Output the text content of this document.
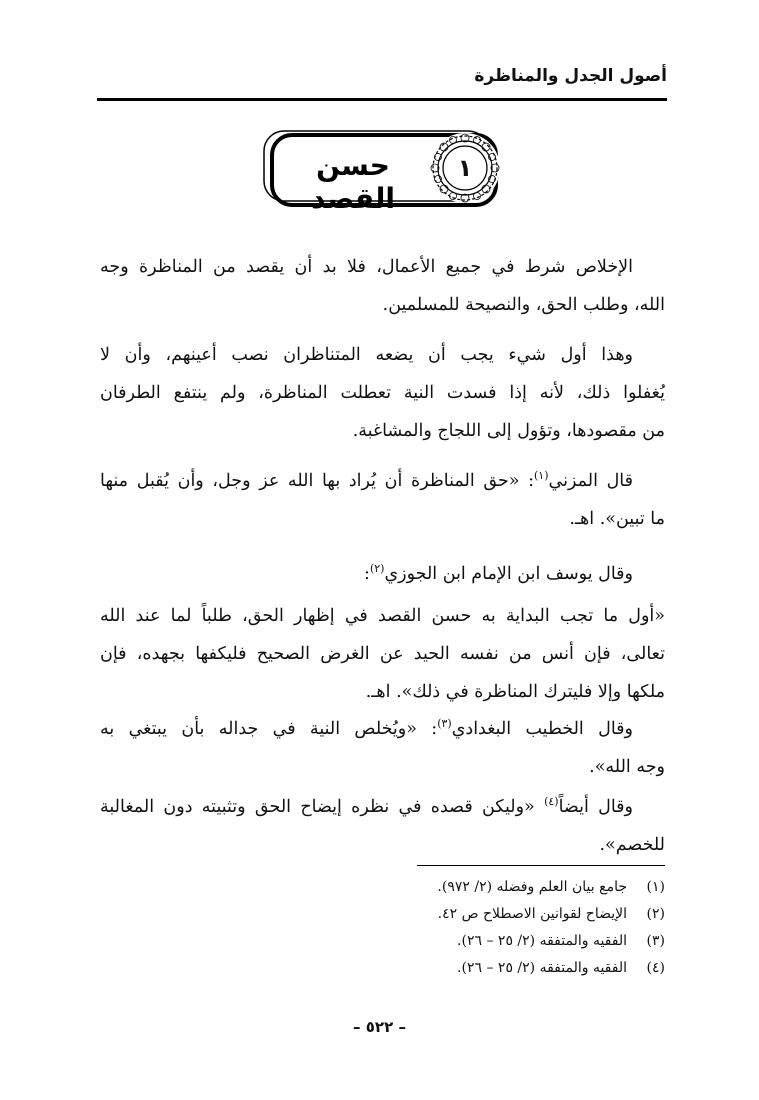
أصول الجدل والمناظرة
حسن القصد
١
الإخلاص شرط في جميع الأعمال، فلا بد أن يقصد من المناظرة وجه
الله، وطلب الحق، والنصيحة للمسلمين.
وهذا أول شيء يجب أن يضعه المتناظران نصب أعينهم، وأن لا
يُغفلوا ذلك، لأنه إذا فسدت النية تعطلت المناظرة، ولم ينتفع الطرفان
من مقصودها، وتؤول إلى اللجاج والمشاغبة.
قال المزني$^{(١)}$: «حق المناظرة أن يُراد بها الله عز وجل، وأن يُقبل منها
ما تبين». اهـ.
وقال يوسف ابن الإمام ابن الجوزي$^{(٢)}$:
«أول ما تجب البداية به حسن القصد في إظهار الحق، طلباً لما عند الله
تعالى، فإن أنس من نفسه الحيد عن الغرض الصحيح فليكفها بجهده، فإن
ملكها وإلا فليترك المناظرة في ذلك». اهـ.
وقال الخطيب البغدادي$^{(٣)}$: «ويُخلص النية في جداله بأن يبتغي به
وجه الله».
وقال أيضاً$^{(٤)}$ «وليكن قصده في نظره إيضاح الحق وتثبيته دون المغالبة
للخصم».
(١)جامع بيان العلم وفضله (٢/ ٩٧٢).
(٢)الإيضاح لقوانين الاصطلاح ص ٤٢.
(٣)الفقيه والمتفقه (٢/ ٢٥ – ٢٦).
(٤)الفقيه والمتفقه (٢/ ٢٥ – ٢٦).
– ٥٢٢ –
